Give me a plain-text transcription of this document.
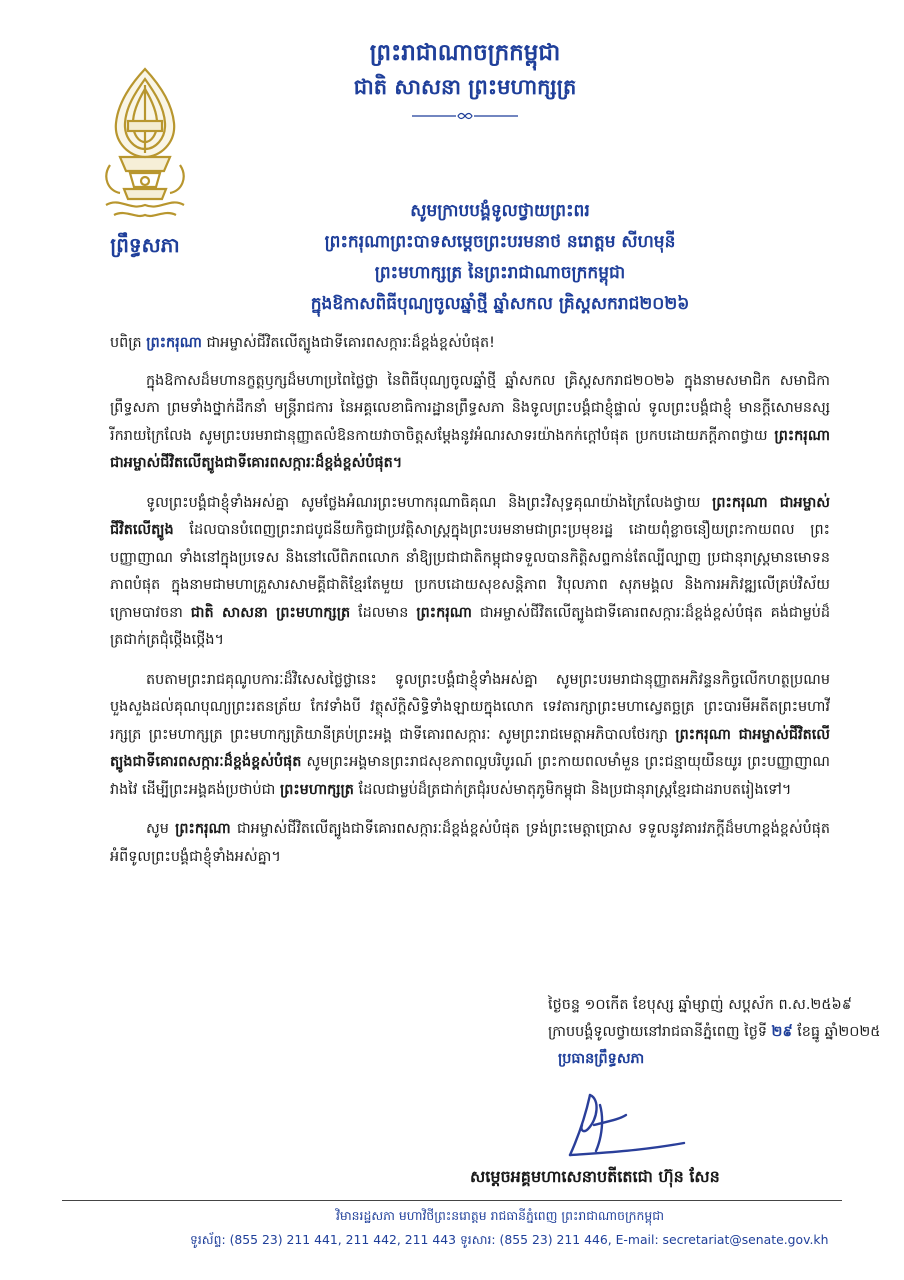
ព្រឹទ្ធសភា
ព្រះរាជាណាចក្រកម្ពុជា
ជាតិ សាសនា ព្រះមហាក្សត្រ
សូមក្រាបបង្គំទូលថ្វាយព្រះពរ
ព្រះករុណាព្រះបាទសម្ដេចព្រះបរមនាថ នរោត្តម សីហមុនី
ព្រះមហាក្សត្រ នៃព្រះរាជាណាចក្រកម្ពុជា
ក្នុងឱកាសពិធីបុណ្យចូលឆ្នាំថ្មី ឆ្នាំសកល គ្រិស្តសករាជ២០២៦
បពិត្រ ព្រះករុណា ជាអម្ចាស់ជីវិតលើត្បូងជាទីគោរពសក្ការៈដ៏ខ្ពង់ខ្ពស់បំផុត!
ក្នុងឱកាសដ៏មហានក្ខត្តឫក្សដ៏មហាប្រពៃថ្លៃថ្លា នៃពិធីបុណ្យចូលឆ្នាំថ្មី ឆ្នាំសកល គ្រិស្តសករាជ២០២៦ ក្នុងនាមសមាជិក សមាជិកាព្រឹទ្ធសភា ព្រមទាំងថ្នាក់ដឹកនាំ មន្ត្រីរាជការ នៃអគ្គលេខាធិការដ្ឋានព្រឹទ្ធសភា និងទូលព្រះបង្គំជាខ្ញុំផ្ទាល់ ទូលព្រះបង្គំជាខ្ញុំ មានក្ដីសោមនស្សរីករាយក្រៃលែង សូមព្រះបរមរាជានុញ្ញាតលំឱនកាយវាចាចិត្តសម្ដែងនូវអំណរសាទរយ៉ាងកក់ក្ដៅបំផុត ប្រកបដោយភក្ដីភាពថ្វាយ ព្រះករុណា ជាអម្ចាស់ជីវិតលើត្បូងជាទីគោរពសក្ការៈដ៏ខ្ពង់ខ្ពស់បំផុត។
ទូលព្រះបង្គំជាខ្ញុំទាំងអស់គ្នា សូមថ្លែងអំណរព្រះមហាករុណាធិគុណ និងព្រះវិសុទ្ធគុណយ៉ាងក្រៃលែងថ្វាយ ព្រះករុណា ជាអម្ចាស់ជីវិតលើត្បូង ដែលបានបំពេញព្រះរាជបូជនីយកិច្ចជាប្រវត្តិសាស្ត្រក្នុងព្រះបរមនាមជាព្រះប្រមុខរដ្ឋ ដោយពុំខ្លាចនឿយព្រះកាយពល ព្រះបញ្ញាញាណ ទាំងនៅក្នុងប្រទេស និងនៅលើពិភពលោក នាំឱ្យប្រជាជាតិកម្ពុជាទទួលបានកិត្តិសព្ទកាន់តែល្បីល្បាញ ប្រជានុរាស្ត្រមានមោទនភាពបំផុត ក្នុងនាមជាមហាគ្រួសារសាមគ្គីជាតិខ្មែរតែមួយ ប្រកបដោយសុខសន្តិភាព វិបុលភាព សុភមង្គល និងការអភិវឌ្ឍលើគ្រប់វិស័យ ក្រោមបាវចនា ជាតិ សាសនា ព្រះមហាក្សត្រ ដែលមាន ព្រះករុណា ជាអម្ចាស់ជីវិតលើត្បូងជាទីគោរពសក្ការៈដ៏ខ្ពង់ខ្ពស់បំផុត គង់ជាម្លប់ដ៏ត្រជាក់ត្រជុំថ្កើងថ្កើង។
តបតាមព្រះរាជគុណូបការៈដ៏វិសេសថ្លៃថ្លានេះ ទូលព្រះបង្គំជាខ្ញុំទាំងអស់គ្នា សូមព្រះបរមរាជានុញ្ញាតអភិវន្ទនកិច្ចលើកហត្ថប្រណមបួងសួងដល់គុណបុណ្យព្រះរតនត្រ័យ កែវទាំងបី វត្ថុស័ក្ដិសិទ្ធិទាំងឡាយក្នុងលោក ទេវតារក្សាព្រះមហាស្វេតច្ឆត្រ ព្រះបារមីអតីតព្រះមហាវីរក្សត្រ ព្រះមហាក្សត្រ ព្រះមហាក្សត្រិយានីគ្រប់ព្រះអង្គ ជាទីគោរពសក្ការៈ សូមព្រះរាជមេត្តាអភិបាលថែរក្សា ព្រះករុណា ជាអម្ចាស់ជីវិតលើត្បូងជាទីគោរពសក្ការៈដ៏ខ្ពង់ខ្ពស់បំផុត សូមព្រះអង្គមានព្រះរាជសុខភាពល្អបរិបូរណ៍ ព្រះកាយពលមាំមួន ព្រះជន្មាយុយឺនយូរ ព្រះបញ្ញាញាណវាងវៃ ដើម្បីព្រះអង្គគង់ប្រថាប់ជា ព្រះមហាក្សត្រ ដែលជាម្លប់ដ៏ត្រជាក់ត្រជុំរបស់មាតុភូមិកម្ពុជា និងប្រជានុរាស្ត្រខ្មែរជាដរាបតរៀងទៅ។
សូម ព្រះករុណា ជាអម្ចាស់ជីវិតលើត្បូងជាទីគោរពសក្ការៈដ៏ខ្ពង់ខ្ពស់បំផុត ទ្រង់ព្រះមេត្តាប្រោស ទទួលនូវគារវភក្ដីដ៏មហាខ្ពង់ខ្ពស់បំផុត អំពីទូលព្រះបង្គំជាខ្ញុំទាំងអស់គ្នា។
ថ្ងៃចន្ទ ១០កើត ខែបុស្ស ឆ្នាំម្សាញ់ សប្តស័ក ព.ស.២៥៦៩
ក្រាបបង្គំទូលថ្វាយនៅរាជធានីភ្នំពេញ ថ្ងៃទី ២៩ ខែធ្នូ ឆ្នាំ២០២៥
ប្រធានព្រឹទ្ធសភា
សម្ដេចអគ្គមហាសេនាបតីតេជោ ហ៊ុន សែន
វិមានរដ្ឋសភា មហាវិថីព្រះនរោត្តម រាជធានីភ្នំពេញ ព្រះរាជាណាចក្រកម្ពុជា
ទូរស័ព្ទ: (855 23) 211 441, 211 442, 211 443 ទូរសារ: (855 23) 211 446, E-mail: secretariat@senate.gov.kh
